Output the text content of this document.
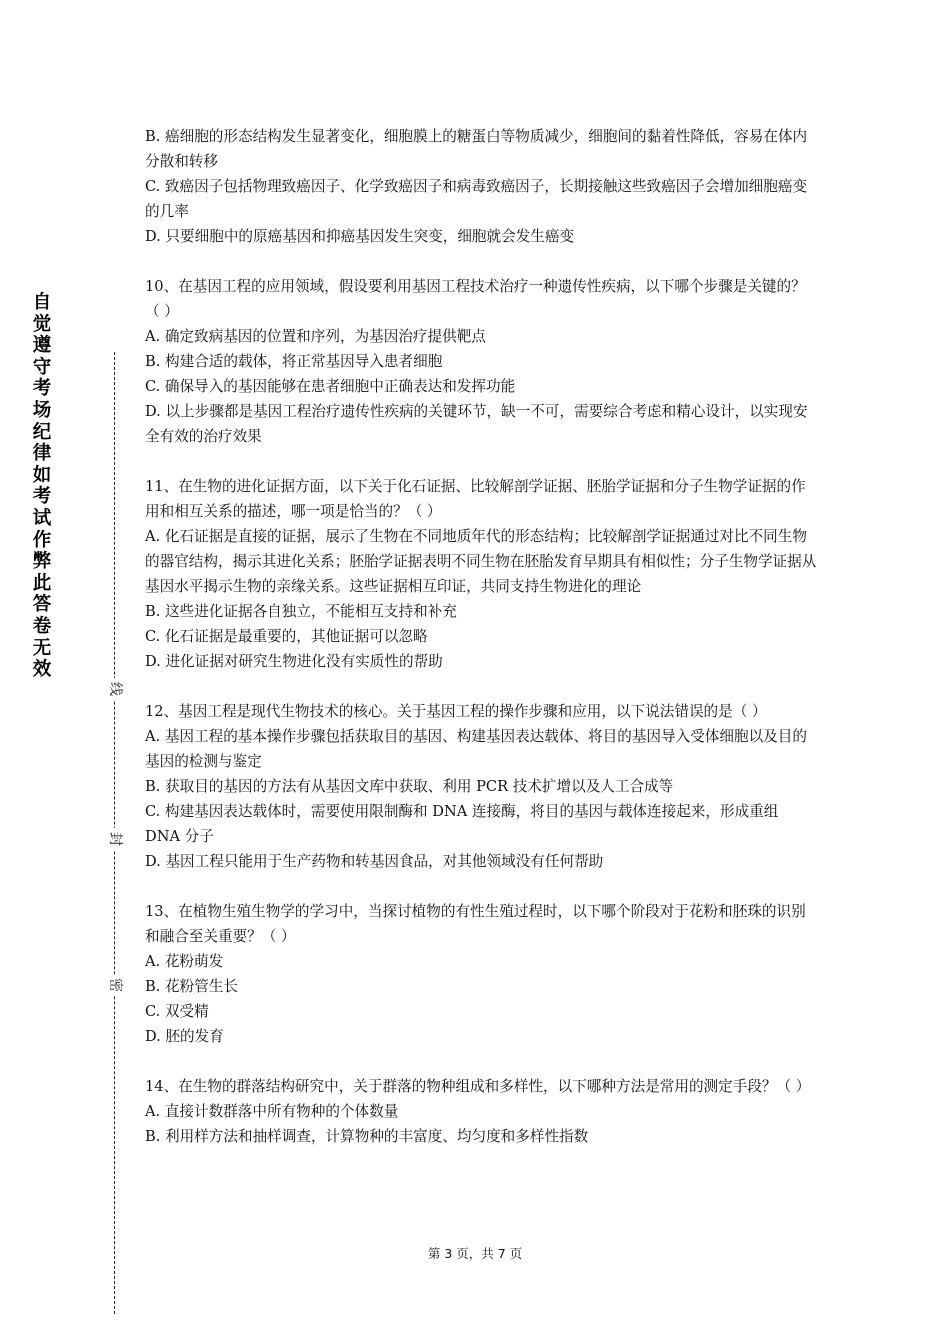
自觉遵守考场纪律如考试作弊此答卷无效
线
封
密

B. 癌细胞的形态结构发生显著变化，细胞膜上的糖蛋白等物质减少，细胞间的黏着性降低，容易在体内分散和转移

C. 致癌因子包括物理致癌因子、化学致癌因子和病毒致癌因子，长期接触这些致癌因子会增加细胞癌变的几率

D. 只要细胞中的原癌基因和抑癌基因发生突变，细胞就会发生癌变

10、在基因工程的应用领域，假设要利用基因工程技术治疗一种遗传性疾病，以下哪个步骤是关键的？（ ）

A. 确定致病基因的位置和序列，为基因治疗提供靶点

B. 构建合适的载体，将正常基因导入患者细胞

C. 确保导入的基因能够在患者细胞中正确表达和发挥功能

D. 以上步骤都是基因工程治疗遗传性疾病的关键环节，缺一不可，需要综合考虑和精心设计，以实现安全有效的治疗效果

11、在生物的进化证据方面，以下关于化石证据、比较解剖学证据、胚胎学证据和分子生物学证据的作用和相互关系的描述，哪一项是恰当的？（ ）

A. 化石证据是直接的证据，展示了生物在不同地质年代的形态结构；比较解剖学证据通过对比不同生物的器官结构，揭示其进化关系；胚胎学证据表明不同生物在胚胎发育早期具有相似性；分子生物学证据从基因水平揭示生物的亲缘关系。这些证据相互印证，共同支持生物进化的理论

B. 这些进化证据各自独立，不能相互支持和补充

C. 化石证据是最重要的，其他证据可以忽略

D. 进化证据对研究生物进化没有实质性的帮助

12、基因工程是现代生物技术的核心。关于基因工程的操作步骤和应用，以下说法错误的是（ ）

A. 基因工程的基本操作步骤包括获取目的基因、构建基因表达载体、将目的基因导入受体细胞以及目的基因的检测与鉴定

B. 获取目的基因的方法有从基因文库中获取、利用 PCR 技术扩增以及人工合成等

C. 构建基因表达载体时，需要使用限制酶和 DNA 连接酶，将目的基因与载体连接起来，形成重组 DNA 分子

D. 基因工程只能用于生产药物和转基因食品，对其他领域没有任何帮助

13、在植物生殖生物学的学习中，当探讨植物的有性生殖过程时，以下哪个阶段对于花粉和胚珠的识别和融合至关重要？（ ）

A. 花粉萌发

B. 花粉管生长

C. 双受精

D. 胚的发育

14、在生物的群落结构研究中，关于群落的物种组成和多样性，以下哪种方法是常用的测定手段？（ ）

A. 直接计数群落中所有物种的个体数量

B. 利用样方法和抽样调查，计算物种的丰富度、均匀度和多样性指数

第 3 页，共 7 页
